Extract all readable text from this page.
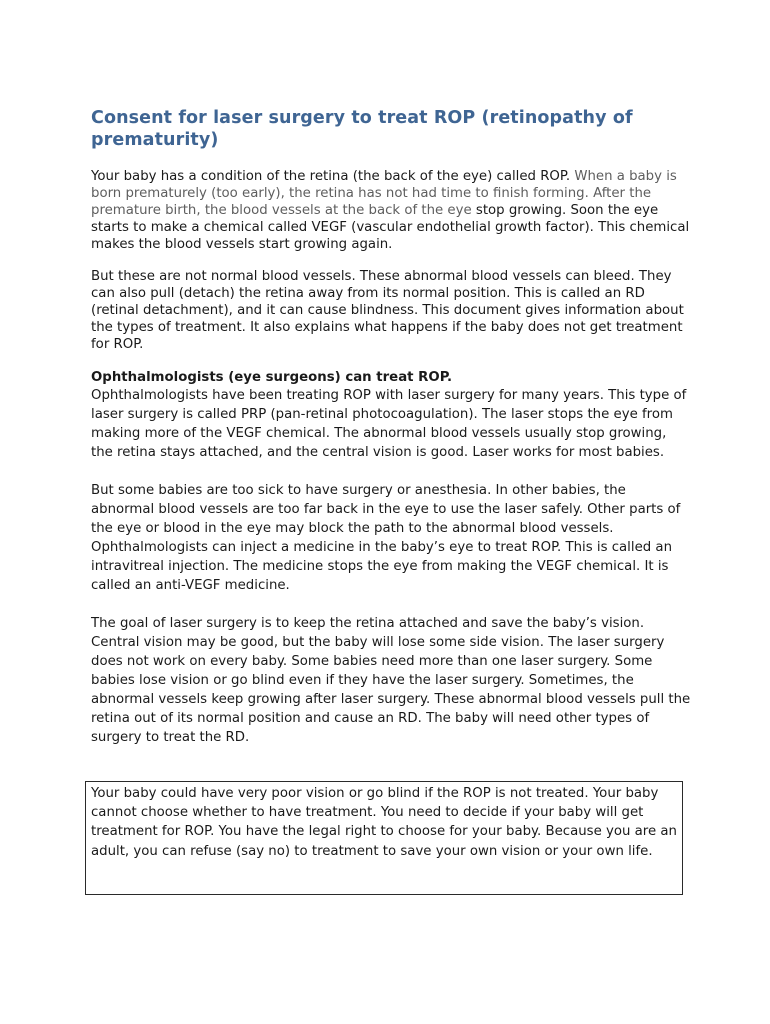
Consent for laser surgery to treat ROP (retinopathy of prematurity)

Your baby has a condition of the retina (the back of the eye) called ROP. When a baby is born prematurely (too early), the retina has not had time to finish forming. After the premature birth, the blood vessels at the back of the eye stop growing. Soon the eye starts to make a chemical called VEGF (vascular endothelial growth factor). This chemical makes the blood vessels start growing again.

But these are not normal blood vessels. These abnormal blood vessels can bleed. They can also pull (detach) the retina away from its normal position. This is called an RD (retinal detachment), and it can cause blindness. This document gives information about the types of treatment. It also explains what happens if the baby does not get treatment for ROP.

Ophthalmologists (eye surgeons) can treat ROP.

Ophthalmologists have been treating ROP with laser surgery for many years. This type of laser surgery is called PRP (pan-retinal photocoagulation). The laser stops the eye from making more of the VEGF chemical. The abnormal blood vessels usually stop growing, the retina stays attached, and the central vision is good. Laser works for most babies.

But some babies are too sick to have surgery or anesthesia. In other babies, the abnormal blood vessels are too far back in the eye to use the laser safely. Other parts of the eye or blood in the eye may block the path to the abnormal blood vessels. Ophthalmologists can inject a medicine in the baby’s eye to treat ROP. This is called an intravitreal injection. The medicine stops the eye from making the VEGF chemical. It is called an anti-VEGF medicine.

The goal of laser surgery is to keep the retina attached and save the baby’s vision. Central vision may be good, but the baby will lose some side vision. The laser surgery does not work on every baby. Some babies need more than one laser surgery. Some babies lose vision or go blind even if they have the laser surgery. Sometimes, the abnormal vessels keep growing after laser surgery. These abnormal blood vessels pull the retina out of its normal position and cause an RD. The baby will need other types of surgery to treat the RD.

Your baby could have very poor vision or go blind if the ROP is not treated. Your baby cannot choose whether to have treatment. You need to decide if your baby will get treatment for ROP. You have the legal right to choose for your baby. Because you are an adult, you can refuse (say no) to treatment to save your own vision or your own life.
